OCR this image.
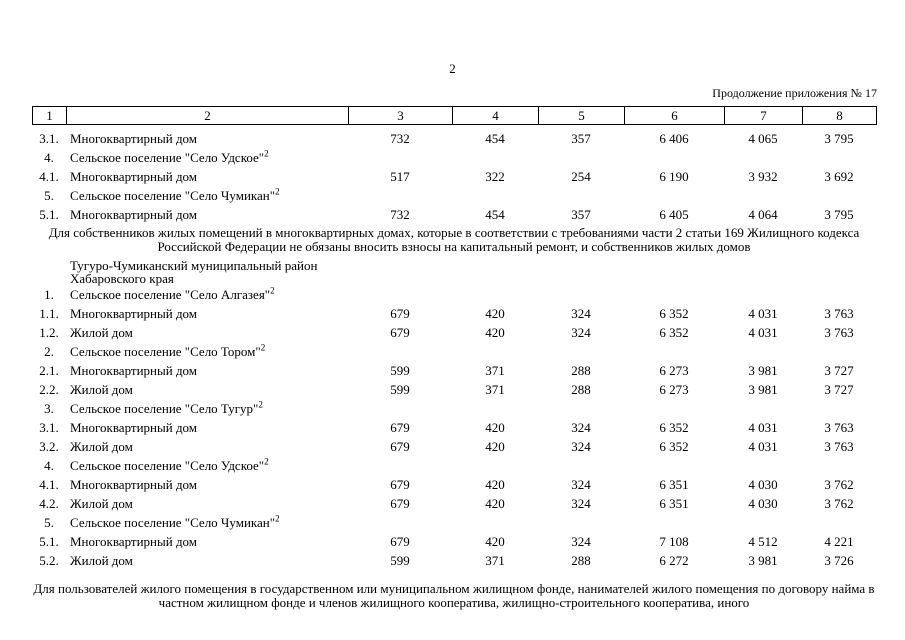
2
Продолжение приложения № 17
1	2	3	4	5	6	7	8
3.1.	Многоквартирный дом	732	454	357	6 406	4 065	3 795
4.	Сельское поселение "Село Удское"$^2$						
4.1.	Многоквартирный дом	517	322	254	6 190	3 932	3 692
5.	Сельское поселение "Село Чумикан"$^2$						
5.1.	Многоквартирный дом	732	454	357	6 405	4 064	3 795
Для собственников жилых помещений в многоквартирных домах, которые в соответствии с требованиями части 2 статьи 169 Жилищного кодекса Российской Федерации не обязаны вносить взносы на капитальный ремонт, и собственников жилых домов							
	Тугуро-Чумиканский муниципальный район Хабаровского края						
1.	Сельское поселение "Село Алгазея"$^2$						
1.1.	Многоквартирный дом	679	420	324	6 352	4 031	3 763
1.2.	Жилой дом	679	420	324	6 352	4 031	3 763
2.	Сельское поселение "Село Тором"$^2$						
2.1.	Многоквартирный дом	599	371	288	6 273	3 981	3 727
2.2.	Жилой дом	599	371	288	6 273	3 981	3 727
3.	Сельское поселение "Село Тугур"$^2$						
3.1.	Многоквартирный дом	679	420	324	6 352	4 031	3 763
3.2.	Жилой дом	679	420	324	6 352	4 031	3 763
4.	Сельское поселение "Село Удское"$^2$						
4.1.	Многоквартирный дом	679	420	324	6 351	4 030	3 762
4.2.	Жилой дом	679	420	324	6 351	4 030	3 762
5.	Сельское поселение "Село Чумикан"$^2$						
5.1.	Многоквартирный дом	679	420	324	7 108	4 512	4 221
5.2.	Жилой дом	599	371	288	6 272	3 981	3 726
Для пользователей жилого помещения в государственном или муниципальном жилищном фонде, нанимателей жилого помещения по договору найма в частном жилищном фонде и членов жилищного кооператива, жилищно-строительного кооператива, иного
